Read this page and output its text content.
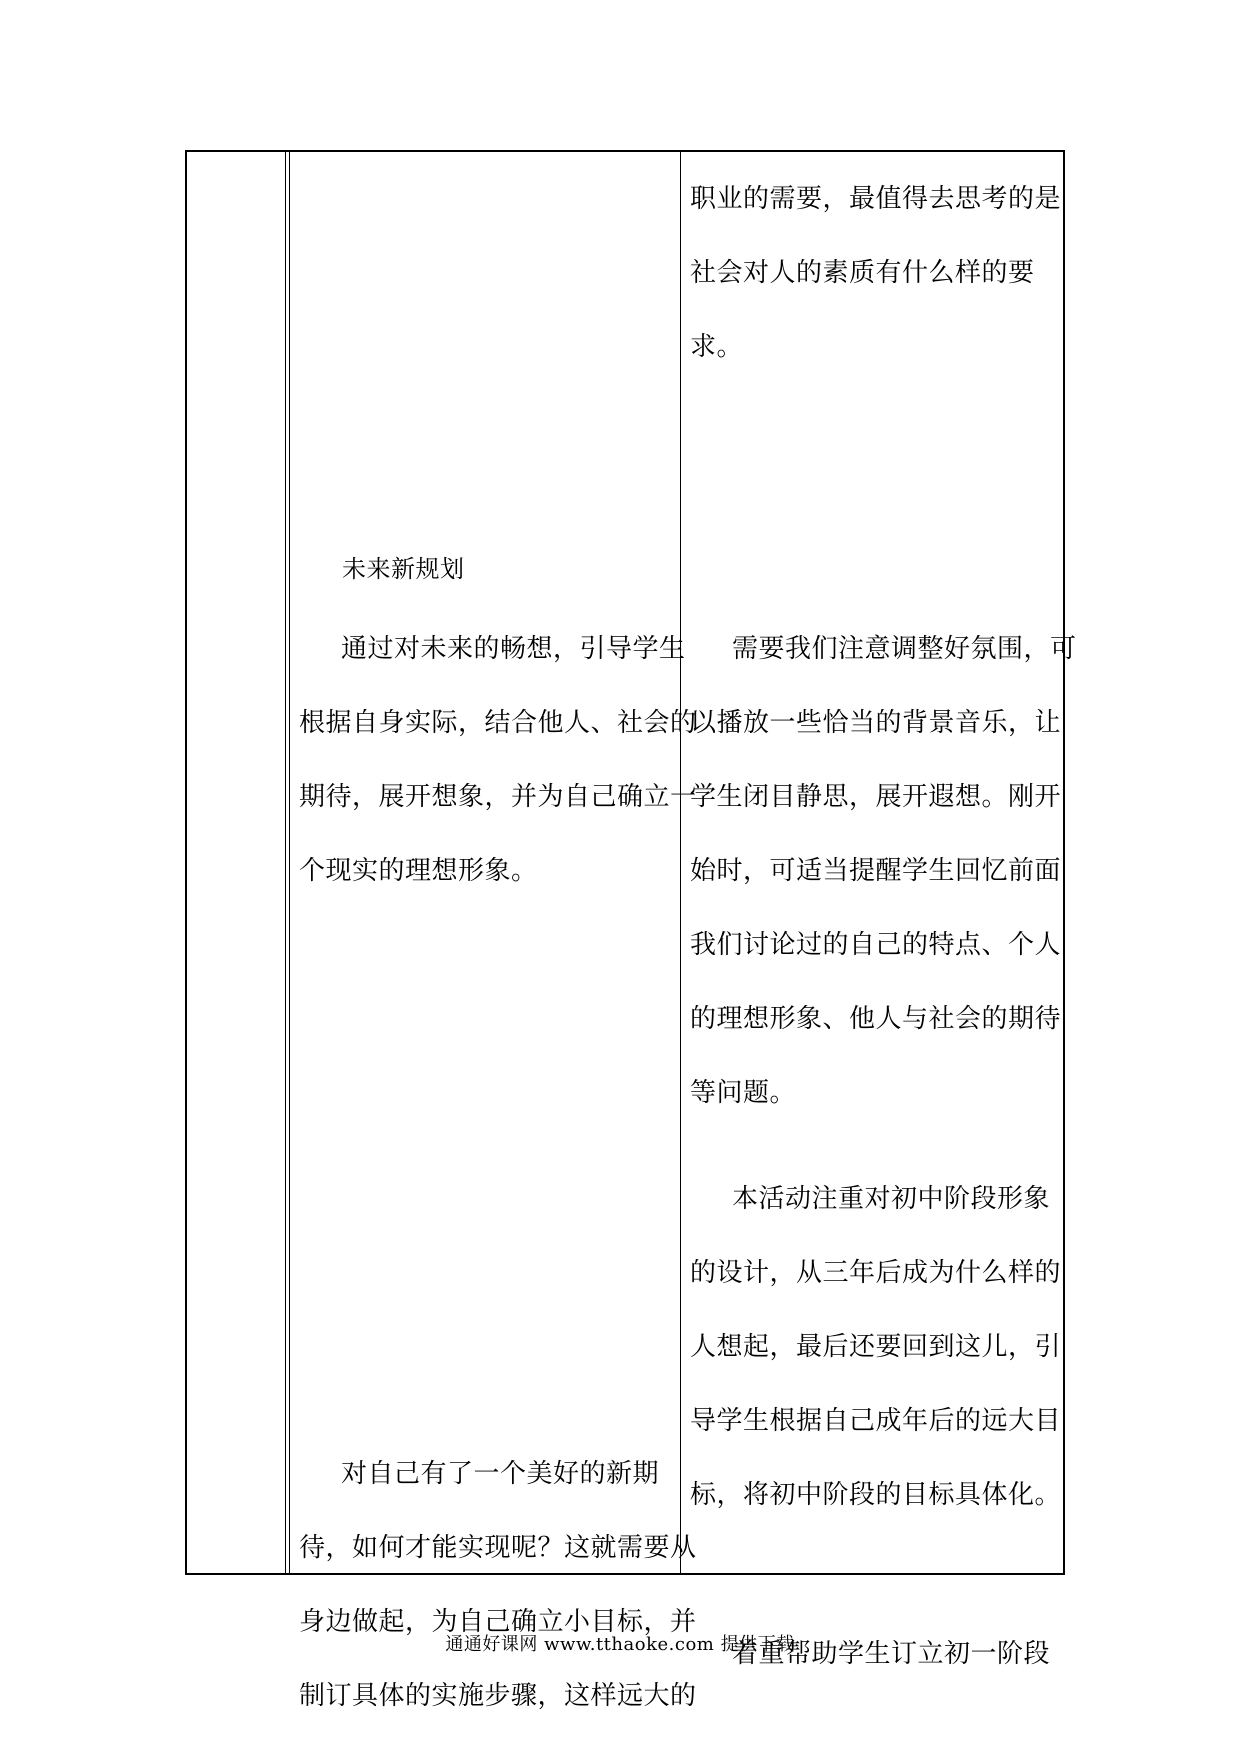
未来新规划
通过对未来的畅想，引导学生
根据自身实际，结合他人、社会的
期待，展开想象，并为自己确立一
个现实的理想形象。
对自己有了一个美好的新期
待，如何才能实现呢？这就需要从
身边做起，为自己确立小目标，并
制订具体的实施步骤，这样远大的
职业的需要，最值得去思考的是
社会对人的素质有什么样的要
求。
需要我们注意调整好氛围，可
以播放一些恰当的背景音乐，让
学生闭目静思，展开遐想。刚开
始时，可适当提醒学生回忆前面
我们讨论过的自己的特点、个人
的理想形象、他人与社会的期待
等问题。
本活动注重对初中阶段形象
的设计，从三年后成为什么样的
人想起，最后还要回到这儿，引
导学生根据自己成年后的远大目
标，将初中阶段的目标具体化。
着重帮助学生订立初一阶段
通通好课网 www.tthaoke.com 提供下载
